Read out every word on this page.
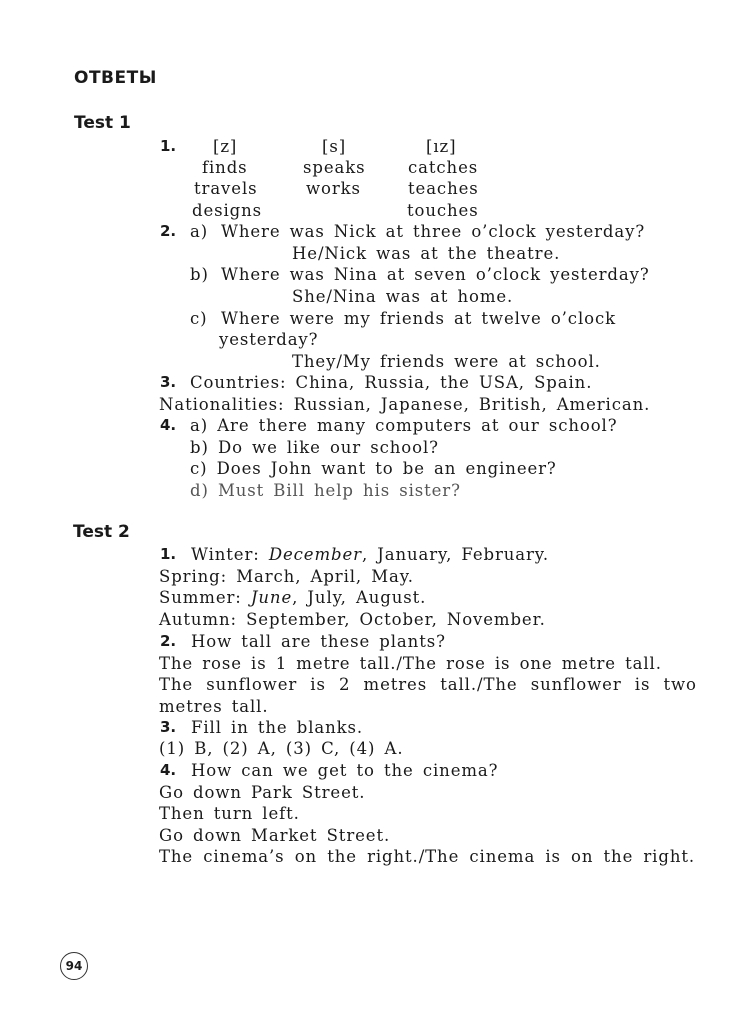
ОТВЕТЫ
Test 1
1. [z]	[s]	[ız]
finds
travels
designs
speaks
works
catches
teaches
touches
2. a) Where was Nick at three o’clock yesterday?
He/Nick was at the theatre.
b) Where was Nina at seven o’clock yesterday?
She/Nina was at home.
c) Where were my friends at twelve o’clock
yesterday?
They/My friends were at school.
3. Countries: China, Russia, the USA, Spain.
Nationalities: Russian, Japanese, British, American.
4. a) Are there many computers at our school?
b) Do we like our school?
c) Does John want to be an engineer?
d) Must Bill help his sister?
Test 2
1. Winter: December, January, February.
Spring: March, April, May.
Summer: June, July, August.
Autumn: September, October, November.
2. How tall are these plants?
The rose is 1 metre tall./The rose is one metre tall.
The sunflower is 2 metres tall./The sunflower is two
metres tall.
3. Fill in the blanks.
(1) B, (2) A, (3) C, (4) A.
4. How can we get to the cinema?
Go down Park Street.
Then turn left.
Go down Market Street.
The cinema’s on the right./The cinema is on the right.
94
